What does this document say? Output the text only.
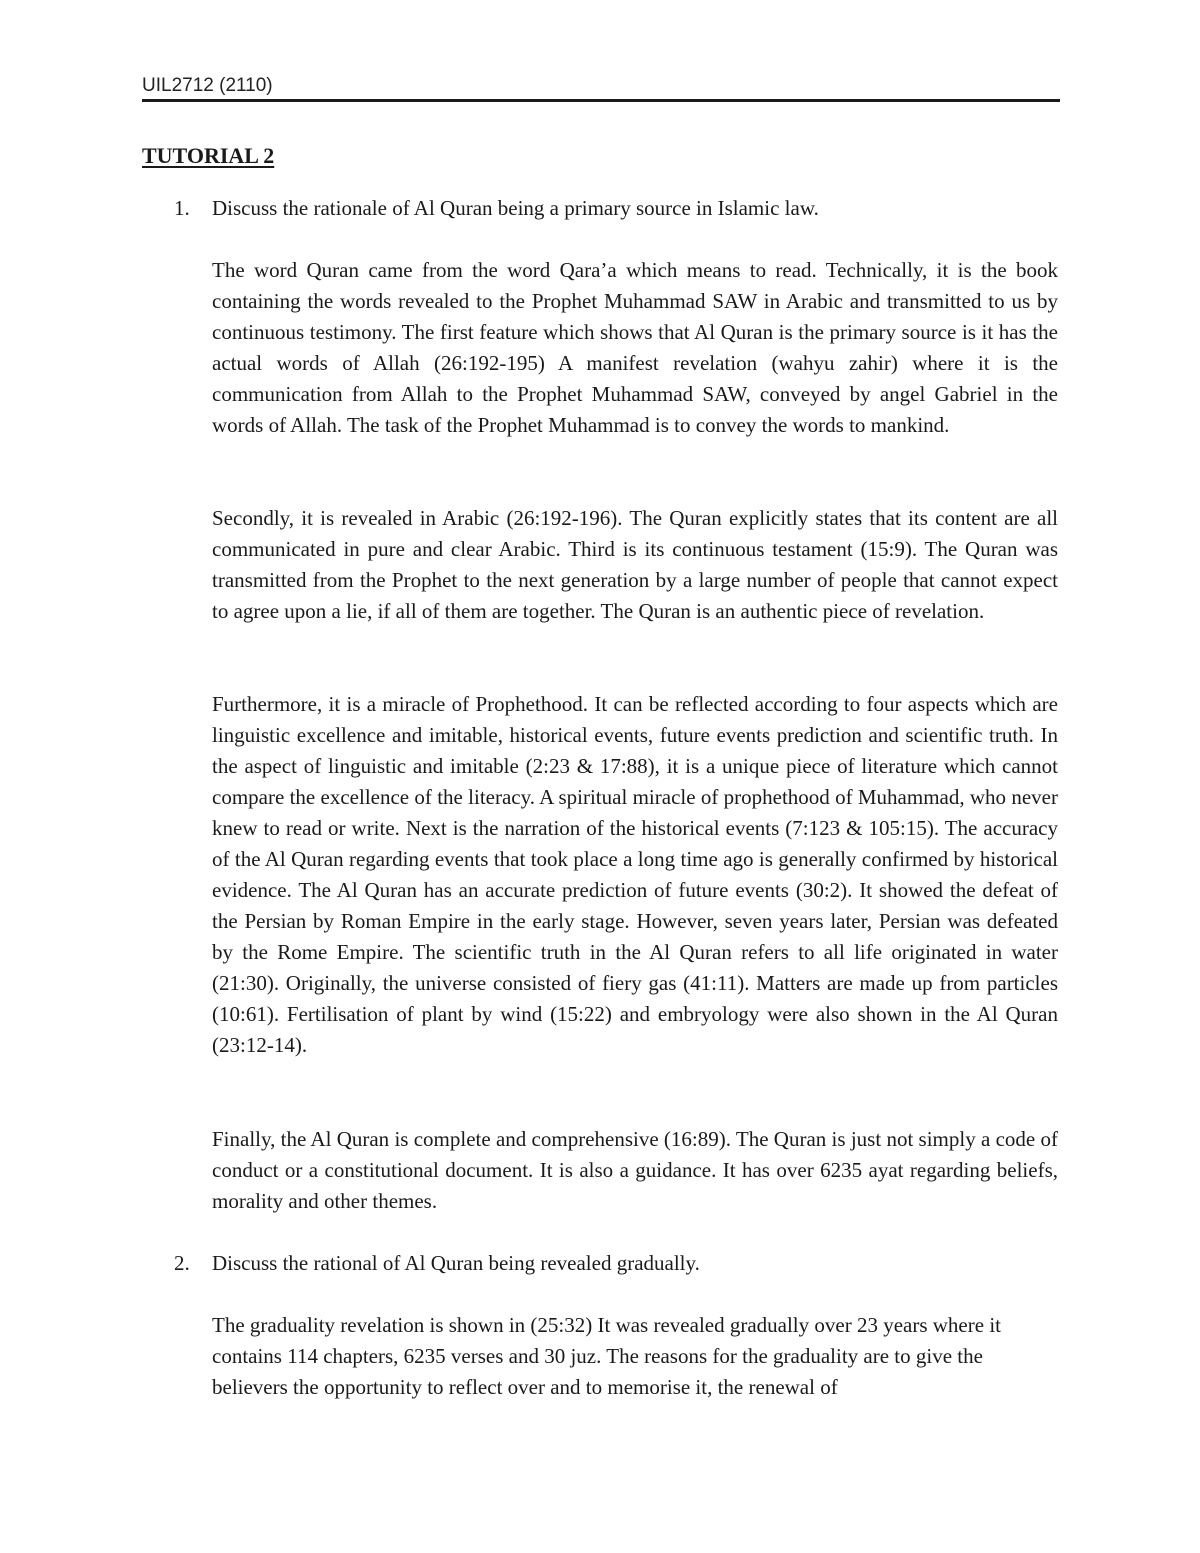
UIL2712 (2110)
TUTORIAL 2
1. Discuss the rationale of Al Quran being a primary source in Islamic law.

The word Quran came from the word Qara’a which means to read. Technically, it is the book containing the words revealed to the Prophet Muhammad SAW in Arabic and transmitted to us by continuous testimony. The first feature which shows that Al Quran is the primary source is it has the actual words of Allah (26:192-195) A manifest revelation (wahyu zahir) where it is the communication from Allah to the Prophet Muhammad SAW, conveyed by angel Gabriel in the words of Allah. The task of the Prophet Muhammad is to convey the words to mankind.

Secondly, it is revealed in Arabic (26:192-196). The Quran explicitly states that its content are all communicated in pure and clear Arabic. Third is its continuous testament (15:9). The Quran was transmitted from the Prophet to the next generation by a large number of people that cannot expect to agree upon a lie, if all of them are together. The Quran is an authentic piece of revelation.

Furthermore, it is a miracle of Prophethood. It can be reflected according to four aspects which are linguistic excellence and imitable, historical events, future events prediction and scientific truth. In the aspect of linguistic and imitable (2:23 & 17:88), it is a unique piece of literature which cannot compare the excellence of the literacy. A spiritual miracle of prophethood of Muhammad, who never knew to read or write. Next is the narration of the historical events (7:123 & 105:15). The accuracy of the Al Quran regarding events that took place a long time ago is generally confirmed by historical evidence. The Al Quran has an accurate prediction of future events (30:2). It showed the defeat of the Persian by Roman Empire in the early stage. However, seven years later, Persian was defeated by the Rome Empire. The scientific truth in the Al Quran refers to all life originated in water (21:30). Originally, the universe consisted of fiery gas (41:11). Matters are made up from particles (10:61). Fertilisation of plant by wind (15:22) and embryology were also shown in the Al Quran (23:12-14).

Finally, the Al Quran is complete and comprehensive (16:89). The Quran is just not simply a code of conduct or a constitutional document. It is also a guidance. It has over 6235 ayat regarding beliefs, morality and other themes.

2. Discuss the rational of Al Quran being revealed gradually.

The graduality revelation is shown in (25:32) It was revealed gradually over 23 years where it contains 114 chapters, 6235 verses and 30 juz. The reasons for the graduality are to give the believers the opportunity to reflect over and to memorise it, the renewal of
